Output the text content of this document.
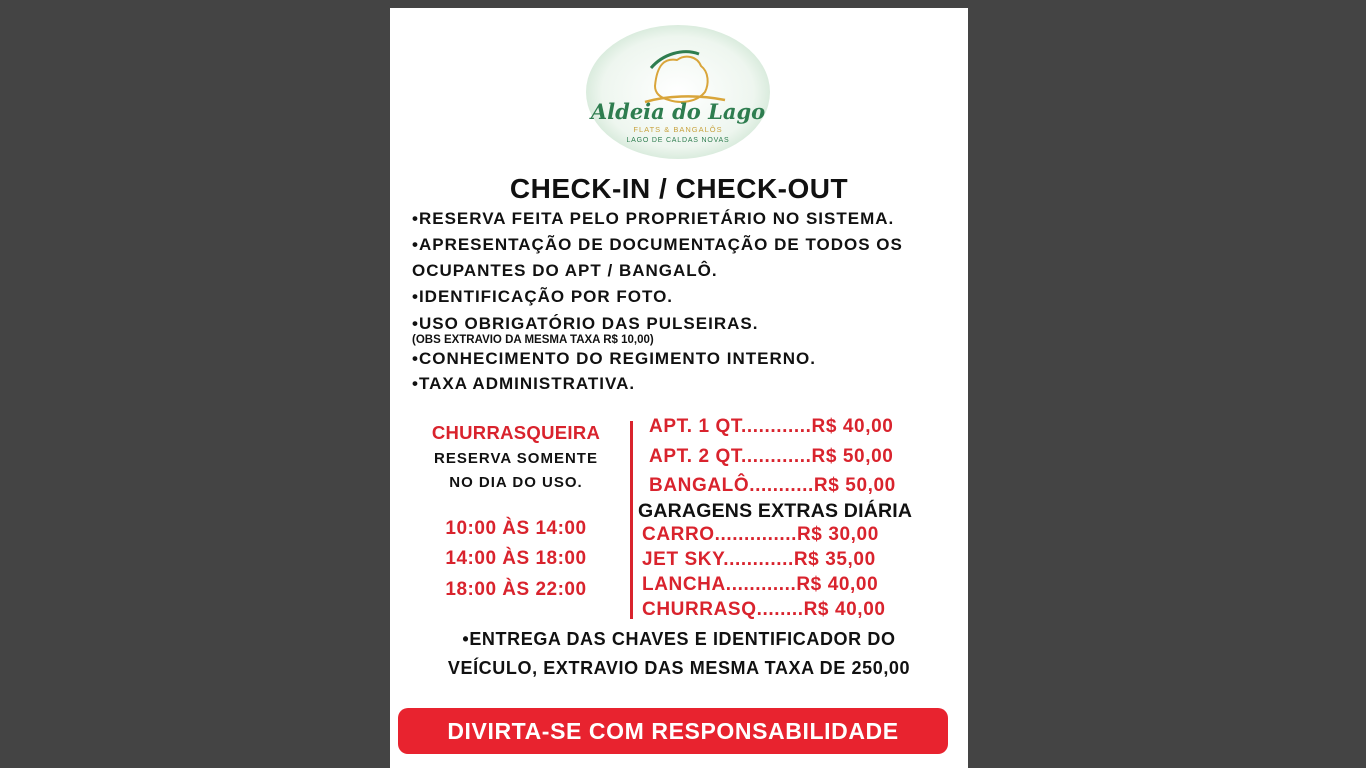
Aldeia do Lago
FLATS & BANGALÔS
LAGO DE CALDAS NOVAS
CHECK-IN / CHECK-OUT
•RESERVA FEITA PELO PROPRIETÁRIO NO SISTEMA.
•APRESENTAÇÃO DE DOCUMENTAÇÃO DE TODOS OS
OCUPANTES DO APT / BANGALÔ.
•IDENTIFICAÇÃO POR FOTO.
•USO OBRIGATÓRIO DAS PULSEIRAS.
(OBS EXTRAVIO DA MESMA TAXA R$ 10,00)
•CONHECIMENTO DO REGIMENTO INTERNO.
•TAXA ADMINISTRATIVA.
CHURRASQUEIRA
RESERVA SOMENTE
NO DIA DO USO.
10:00 ÀS 14:00
14:00 ÀS 18:00
18:00 ÀS 22:00
APT. 1 QT............R$ 40,00
APT. 2 QT............R$ 50,00
BANGALÔ...........R$ 50,00
GARAGENS EXTRAS DIÁRIA
CARRO..............R$ 30,00
JET SKY............R$ 35,00
LANCHA............R$ 40,00
CHURRASQ........R$ 40,00
•ENTREGA DAS CHAVES E IDENTIFICADOR DO
VEÍCULO, EXTRAVIO DAS MESMA TAXA DE 250,00
DIVIRTA-SE COM RESPONSABILIDADE
